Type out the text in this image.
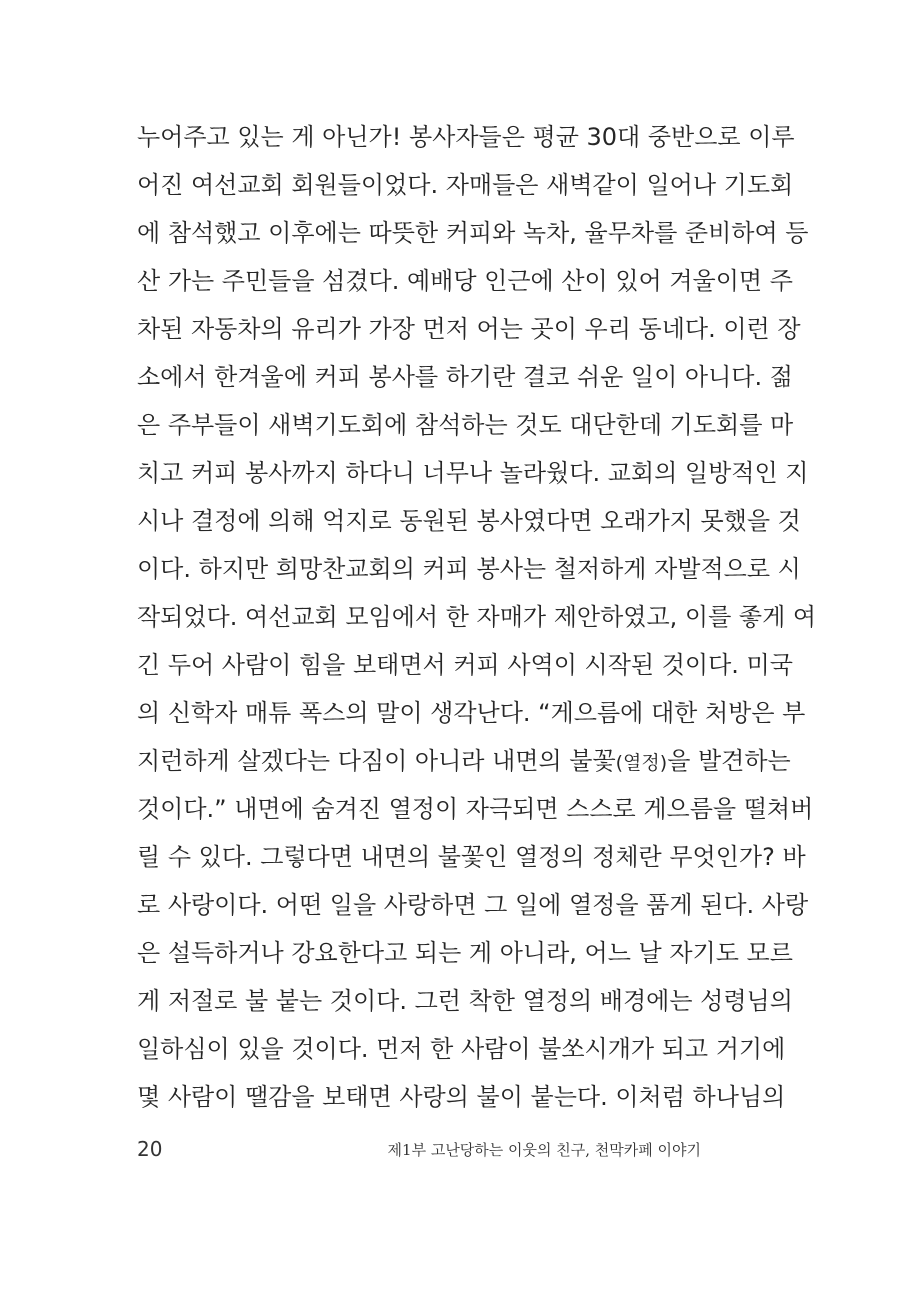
누어주고 있는 게 아닌가! 봉사자들은 평균 30대 중반으로 이루
어진 여선교회 회원들이었다. 자매들은 새벽같이 일어나 기도회
에 참석했고 이후에는 따뜻한 커피와 녹차, 율무차를 준비하여 등
산 가는 주민들을 섬겼다. 예배당 인근에 산이 있어 겨울이면 주
차된 자동차의 유리가 가장 먼저 어는 곳이 우리 동네다. 이런 장
소에서 한겨울에 커피 봉사를 하기란 결코 쉬운 일이 아니다. 젊
은 주부들이 새벽기도회에 참석하는 것도 대단한데 기도회를 마
치고 커피 봉사까지 하다니 너무나 놀라웠다. 교회의 일방적인 지
시나 결정에 의해 억지로 동원된 봉사였다면 오래가지 못했을 것
이다. 하지만 희망찬교회의 커피 봉사는 철저하게 자발적으로 시
작되었다. 여선교회 모임에서 한 자매가 제안하였고, 이를 좋게 여
긴 두어 사람이 힘을 보태면서 커피 사역이 시작된 것이다. 미국
의 신학자 매튜 폭스의 말이 생각난다. “게으름에 대한 처방은 부
지런하게 살겠다는 다짐이 아니라 내면의 불꽃(열정)을 발견하는
것이다.” 내면에 숨겨진 열정이 자극되면 스스로 게으름을 떨쳐버
릴 수 있다. 그렇다면 내면의 불꽃인 열정의 정체란 무엇인가? 바
로 사랑이다. 어떤 일을 사랑하면 그 일에 열정을 품게 된다. 사랑
은 설득하거나 강요한다고 되는 게 아니라, 어느 날 자기도 모르
게 저절로 불 붙는 것이다. 그런 착한 열정의 배경에는 성령님의
일하심이 있을 것이다. 먼저 한 사람이 불쏘시개가 되고 거기에
몇 사람이 땔감을 보태면 사랑의 불이 붙는다. 이처럼 하나님의
20	제1부 고난당하는 이웃의 친구, 천막카페 이야기
